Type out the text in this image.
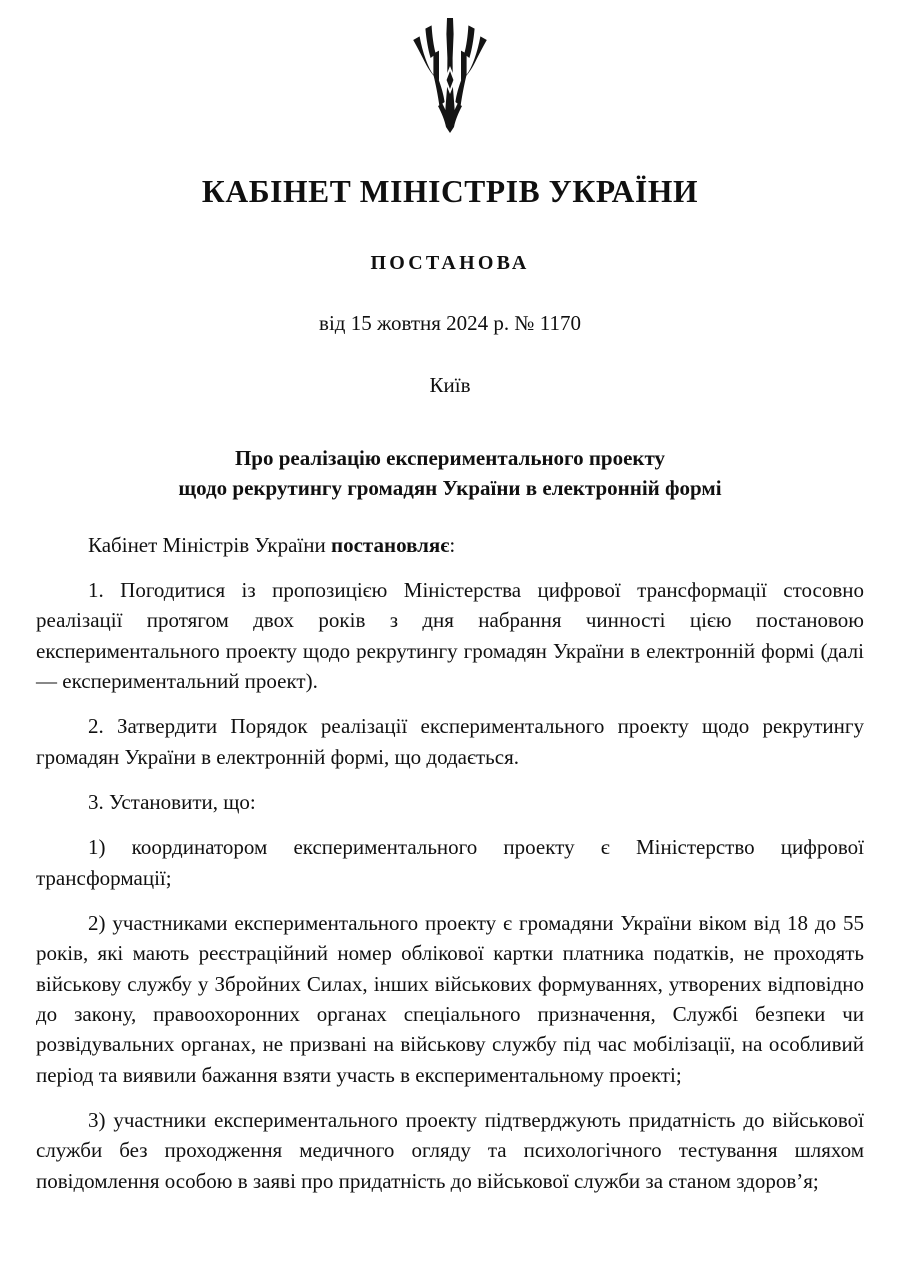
КАБІНЕТ МІНІСТРІВ УКРАЇНИ
ПОСТАНОВА
від 15 жовтня 2024 р. № 1170
Київ
Про реалізацію експериментального проекту
щодо рекрутингу громадян України в електронній формі

Кабінет Міністрів України постановляє:

1. Погодитися із пропозицією Міністерства цифрової трансформації стосовно реалізації протягом двох років з дня набрання чинності цією постановою експериментального проекту щодо рекрутингу громадян України в електронній формі (далі — експериментальний проект).

2. Затвердити Порядок реалізації експериментального проекту щодо рекрутингу громадян України в електронній формі, що додається.

3. Установити, що:

1) координатором експериментального проекту є Міністерство цифрової трансформації;

2) участниками експериментального проекту є громадяни України віком від 18 до 55 років, які мають реєстраційний номер облікової картки платника податків, не проходять військову службу у Збройних Силах, інших військових формуваннях, утворених відповідно до закону, правоохоронних органах спеціального призначення, Службі безпеки чи розвідувальних органах, не призвані на військову службу під час мобілізації, на особливий період та виявили бажання взяти участь в експериментальному проекті;

3) участники експериментального проекту підтверджують придатність до військової служби без проходження медичного огляду та психологічного тестування шляхом повідомлення особою в заяві про придатність до військової служби за станом здоров’я;
